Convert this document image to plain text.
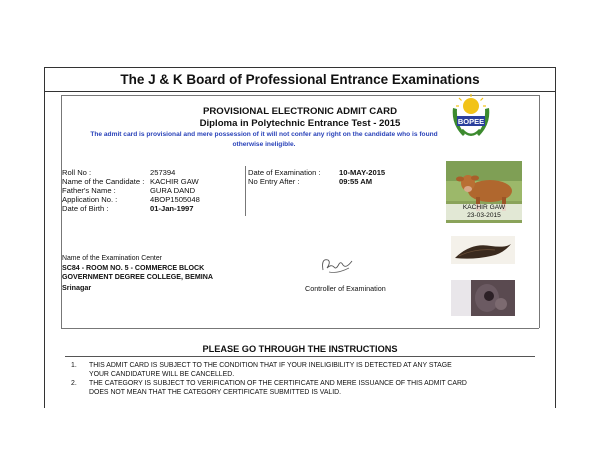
The J & K Board of Professional Entrance Examinations
PROVISIONAL ELECTRONIC ADMIT CARD
Diploma in Polytechnic Entrance Test - 2015
The admit card is provisional and mere possession of it will not confer any right on the candidate who is found
otherwise ineligible.
BOPEE
Roll No :
Name of the Candidate :
Father's Name :
Application No. :
Date of Birth :
257394
KACHIR GAW
GURA DAND
4BOP1505048
01-Jan-1997
Date of Examination :
No Entry After :
10-MAY-2015
09:55 AM
KACHIR GAW
23-03-2015
Name of the Examination Center
SC84 - ROOM NO. 5 - COMMERCE BLOCK
GOVERNMENT DEGREE COLLEGE, BEMINA
Srinagar	Controller of Examination
PLEASE GO THROUGH THE INSTRUCTIONS
1. THIS ADMIT CARD IS SUBJECT TO THE CONDITION THAT IF YOUR INELIGIBILITY IS DETECTED AT ANY STAGE
YOUR CANDIDATURE WILL BE CANCELLED.
2. THE CATEGORY IS SUBJECT TO VERIFICATION OF THE CERTIFICATE AND MERE ISSUANCE OF THIS ADMIT CARD
DOES NOT MEAN THAT THE CATEGORY CERTIFICATE SUBMITTED IS VALID.
